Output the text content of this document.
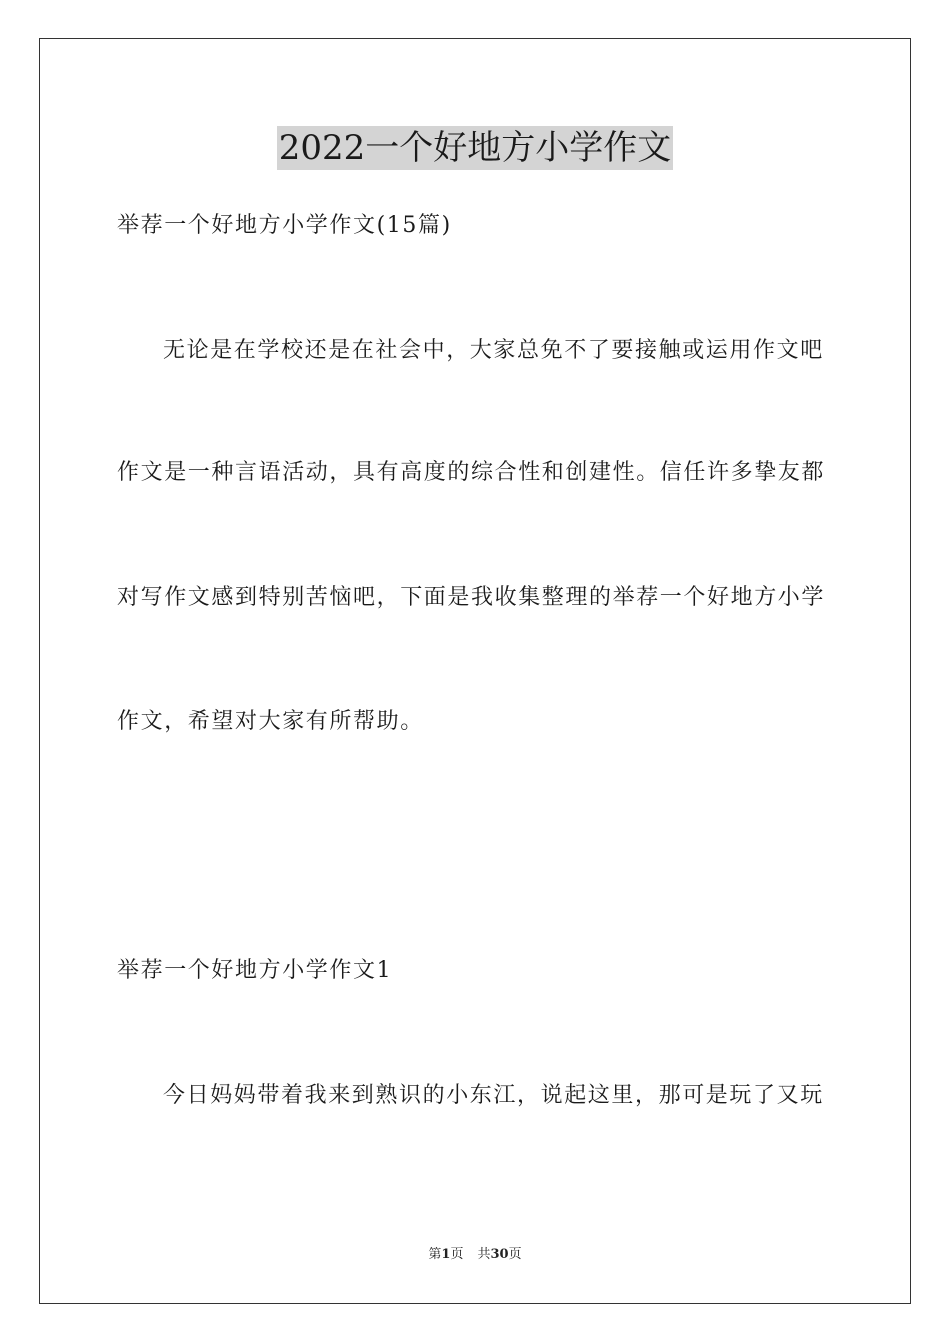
2022一个好地方小学作文
举荐一个好地方小学作文(15篇)
无论是在学校还是在社会中，大家总免不了要接触或运用作文吧
作文是一种言语活动，具有高度的综合性和创建性。信任许多挚友都
对写作文感到特别苦恼吧，下面是我收集整理的举荐一个好地方小学
作文，希望对大家有所帮助。
举荐一个好地方小学作文1
今日妈妈带着我来到熟识的小东江，说起这里，那可是玩了又玩
第1页 共30页
